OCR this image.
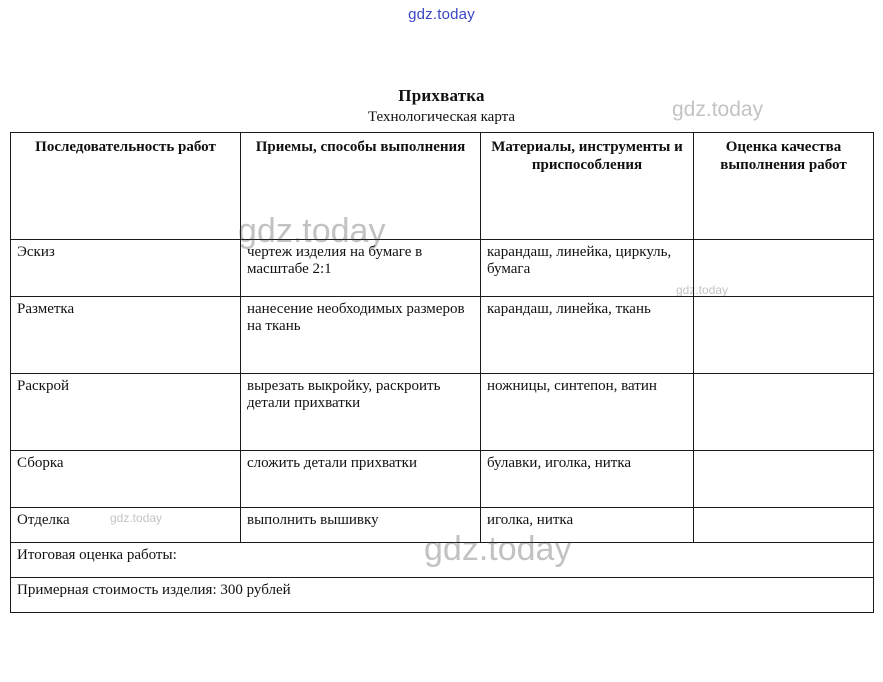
gdz.today
Прихватка
Технологическая карта
Последовательность работ	Приемы, способы выполнения	Материалы, инструменты и приспособления	Оценка качества выполнения работ
Эскиз	чертеж изделия на бумаге в масштабе 2:1	карандаш, линейка, циркуль, бумага	
Разметка	нанесение необходимых размеров на ткань	карандаш, линейка, ткань	
Раскрой	вырезать выкройку, раскроить детали прихватки	ножницы, синтепон, ватин	
Сборка	сложить детали прихватки	булавки, иголка, нитка	
Отделка	выполнить вышивку	иголка, нитка	
Итоговая оценка работы:			
Примерная стоимость изделия: 300 рублей			
gdz.today
gdz.today
gdz.today
gdz.today
gdz.today
